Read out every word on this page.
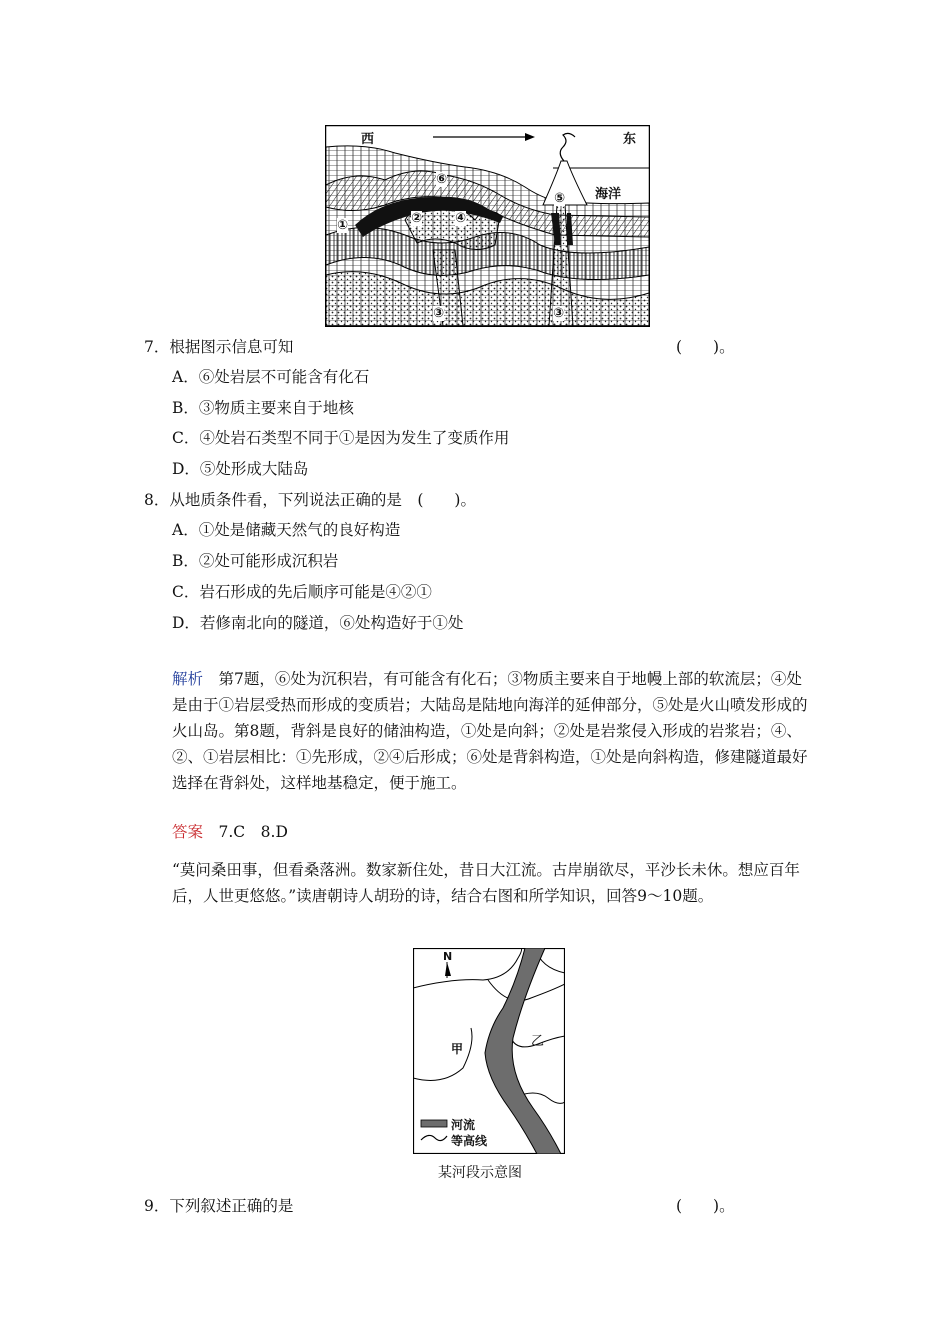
西	东
海洋
①	②
③	③
④
⑤
⑥
7．根据图示信息可知	(　　)。
A．⑥处岩层不可能含有化石
B．③物质主要来自于地核
C．④处岩石类型不同于①是因为发生了变质作用
D．⑤处形成大陆岛
8．从地质条件看，下列说法正确的是　(　　)。
A．①处是储藏天然气的良好构造
B．②处可能形成沉积岩
C．岩石形成的先后顺序可能是④②①
D．若修南北向的隧道，⑥处构造好于①处
解析  第7题，⑥处为沉积岩，有可能含有化石；③物质主要来自于地幔上部的软流层；④处是由于①岩层受热而形成的变质岩；大陆岛是陆地向海洋的延伸部分，⑤处是火山喷发形成的火山岛。第8题，背斜是良好的储油构造，①处是向斜；②处是岩浆侵入形成的岩浆岩；④、②、①岩层相比：①先形成，②④后形成；⑥处是背斜构造，①处是向斜构造，修建隧道最好选择在背斜处，这样地基稳定，便于施工。
答案  7.C　8.D
“莫问桑田事，但看桑落洲。数家新住处，昔日大江流。古岸崩欲尽，平沙长未休。想应百年后，人世更悠悠。”读唐朝诗人胡玢的诗，结合右图和所学知识，回答9～10题。
N
甲	乙
河流
等高线
某河段示意图
9．下列叙述正确的是	(　　)。
